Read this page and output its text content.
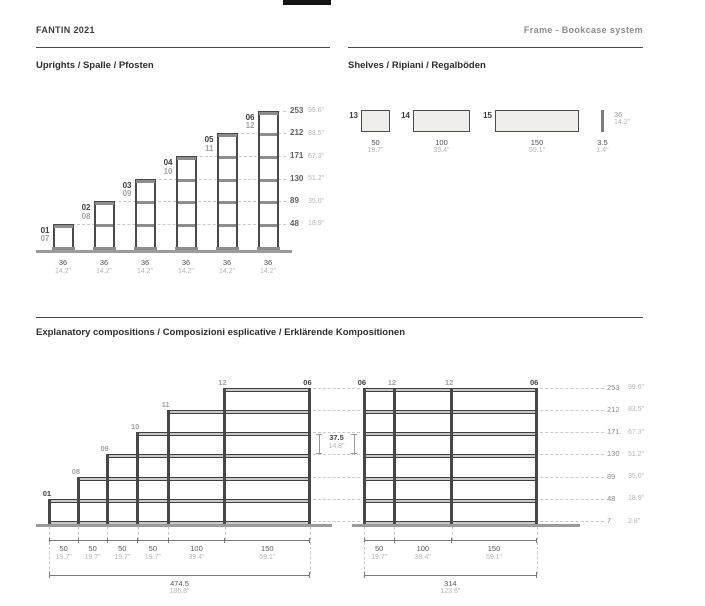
FANTIN 2021	Frame - Bookcase system
Uprights / Spalle / Pfosten	Shelves / Ripiani / Regalböden
Explanatory compositions / Composizioni esplicative / Erklärende Kompositionen
01
07
36
14.2"
02
08
36
14.2"
03
09
36
14.2"
04
10
36
14.2"
05
11
36
14.2"
06
12
36
14.2"
253 99.6"
212 83.5"
171 67.3"
130 51.2"
89 35.0"
48 18.9"
13
50
19.7"
14
100
39.4"
15
150
59.1"
3.5
1.4"
36
14.2"
01
08
09
10
11
12	06
50
19.7"
50
19.7"
50
19.7"
50
19.7"
100
39.4"
150
59.1"
474.5
186.8"
06	12	12	06
50
19.7"
100
39.4"
150
59.1"
314
123.6"
253 99.6"
212 83.5"
171 67.3"
130 51.2"
89 35.0"
48 18.9"
7 2.8"
37.5
14.8"
